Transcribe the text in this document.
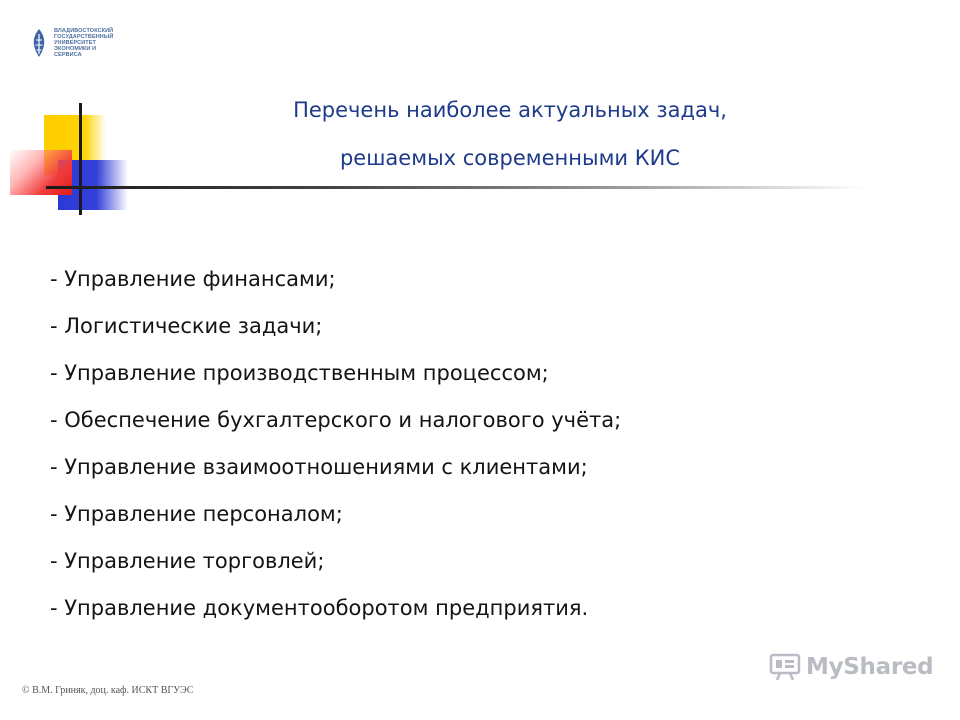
ВЛАДИВОСТОКСКИЙ
ГОСУДАРСТВЕННЫЙ
УНИВЕРСИТЕТ
ЭКОНОМИКИ И
СЕРВИСА
Перечень наиболее актуальных задач,
решаемых современными КИС
- Управление финансами;
- Логистические задачи;
- Управление производственным процессом;
- Обеспечение бухгалтерского и налогового учёта;
- Управление взаимоотношениями с клиентами;
- Управление персоналом;
- Управление торговлей;
- Управление документооборотом предприятия.
© В.М. Гриняк, доц. каф. ИСКТ ВГУЭС
MyShared
